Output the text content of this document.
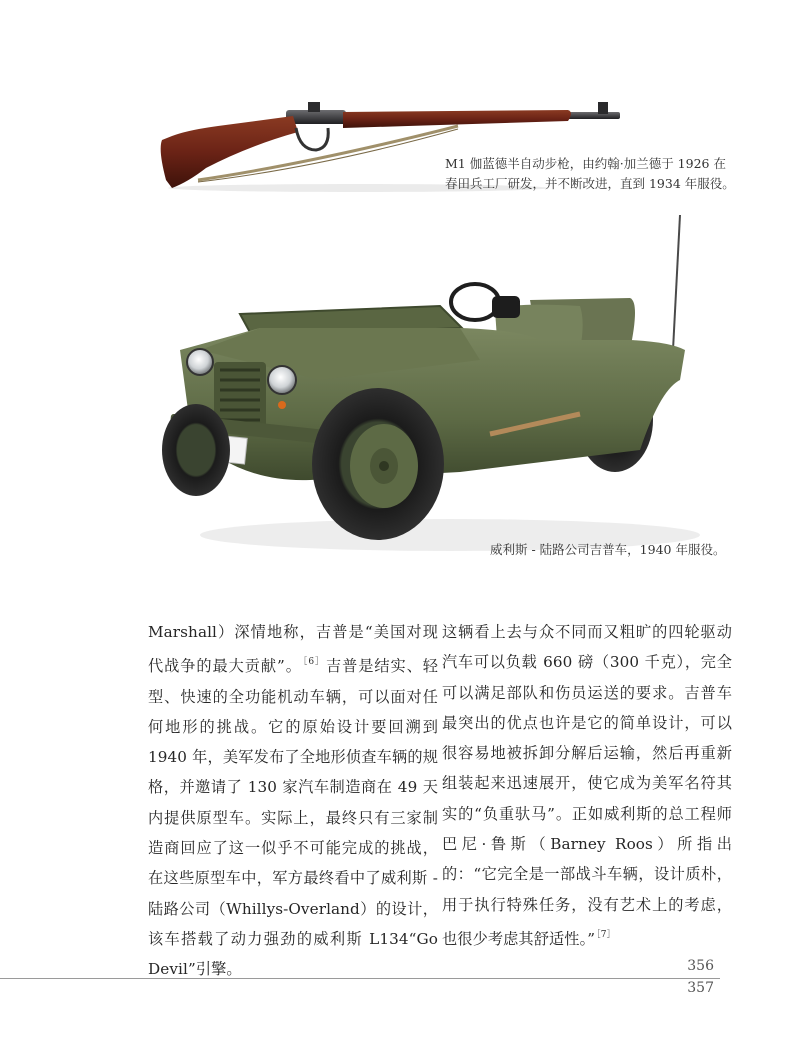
M1 伽蓝德半自动步枪，由约翰·加兰德于 1926 在春田兵工厂研发，并不断改进，直到 1934 年服役。

威利斯 - 陆路公司吉普车，1940 年服役。

Marshall）深情地称，吉普是“美国对现代战争的最大贡献”。$^{[6]}$吉普是结实、轻型、快速的全功能机动车辆，可以面对任何地形的挑战。它的原始设计要回溯到 1940 年，美军发布了全地形侦查车辆的规格，并邀请了 130 家汽车制造商在 49 天内提供原型车。实际上，最终只有三家制造商回应了这一似乎不可能完成的挑战，在这些原型车中，军方最终看中了威利斯 - 陆路公司（Whillys-Overland）的设计，该车搭载了动力强劲的威利斯 L134“Go Devil”引擎。

这辆看上去与众不同而又粗旷的四轮驱动汽车可以负载 660 磅（300 千克），完全可以满足部队和伤员运送的要求。吉普车最突出的优点也许是它的简单设计，可以很容易地被拆卸分解后运输，然后再重新组装起来迅速展开，使它成为美军名符其实的“负重驮马”。正如威利斯的总工程师巴尼·鲁斯（Barney Roos）所指出的：“它完全是一部战斗车辆，设计质朴，用于执行特殊任务，没有艺术上的考虑，也很少考虑其舒适性。”$^{[7]}$

356

357
